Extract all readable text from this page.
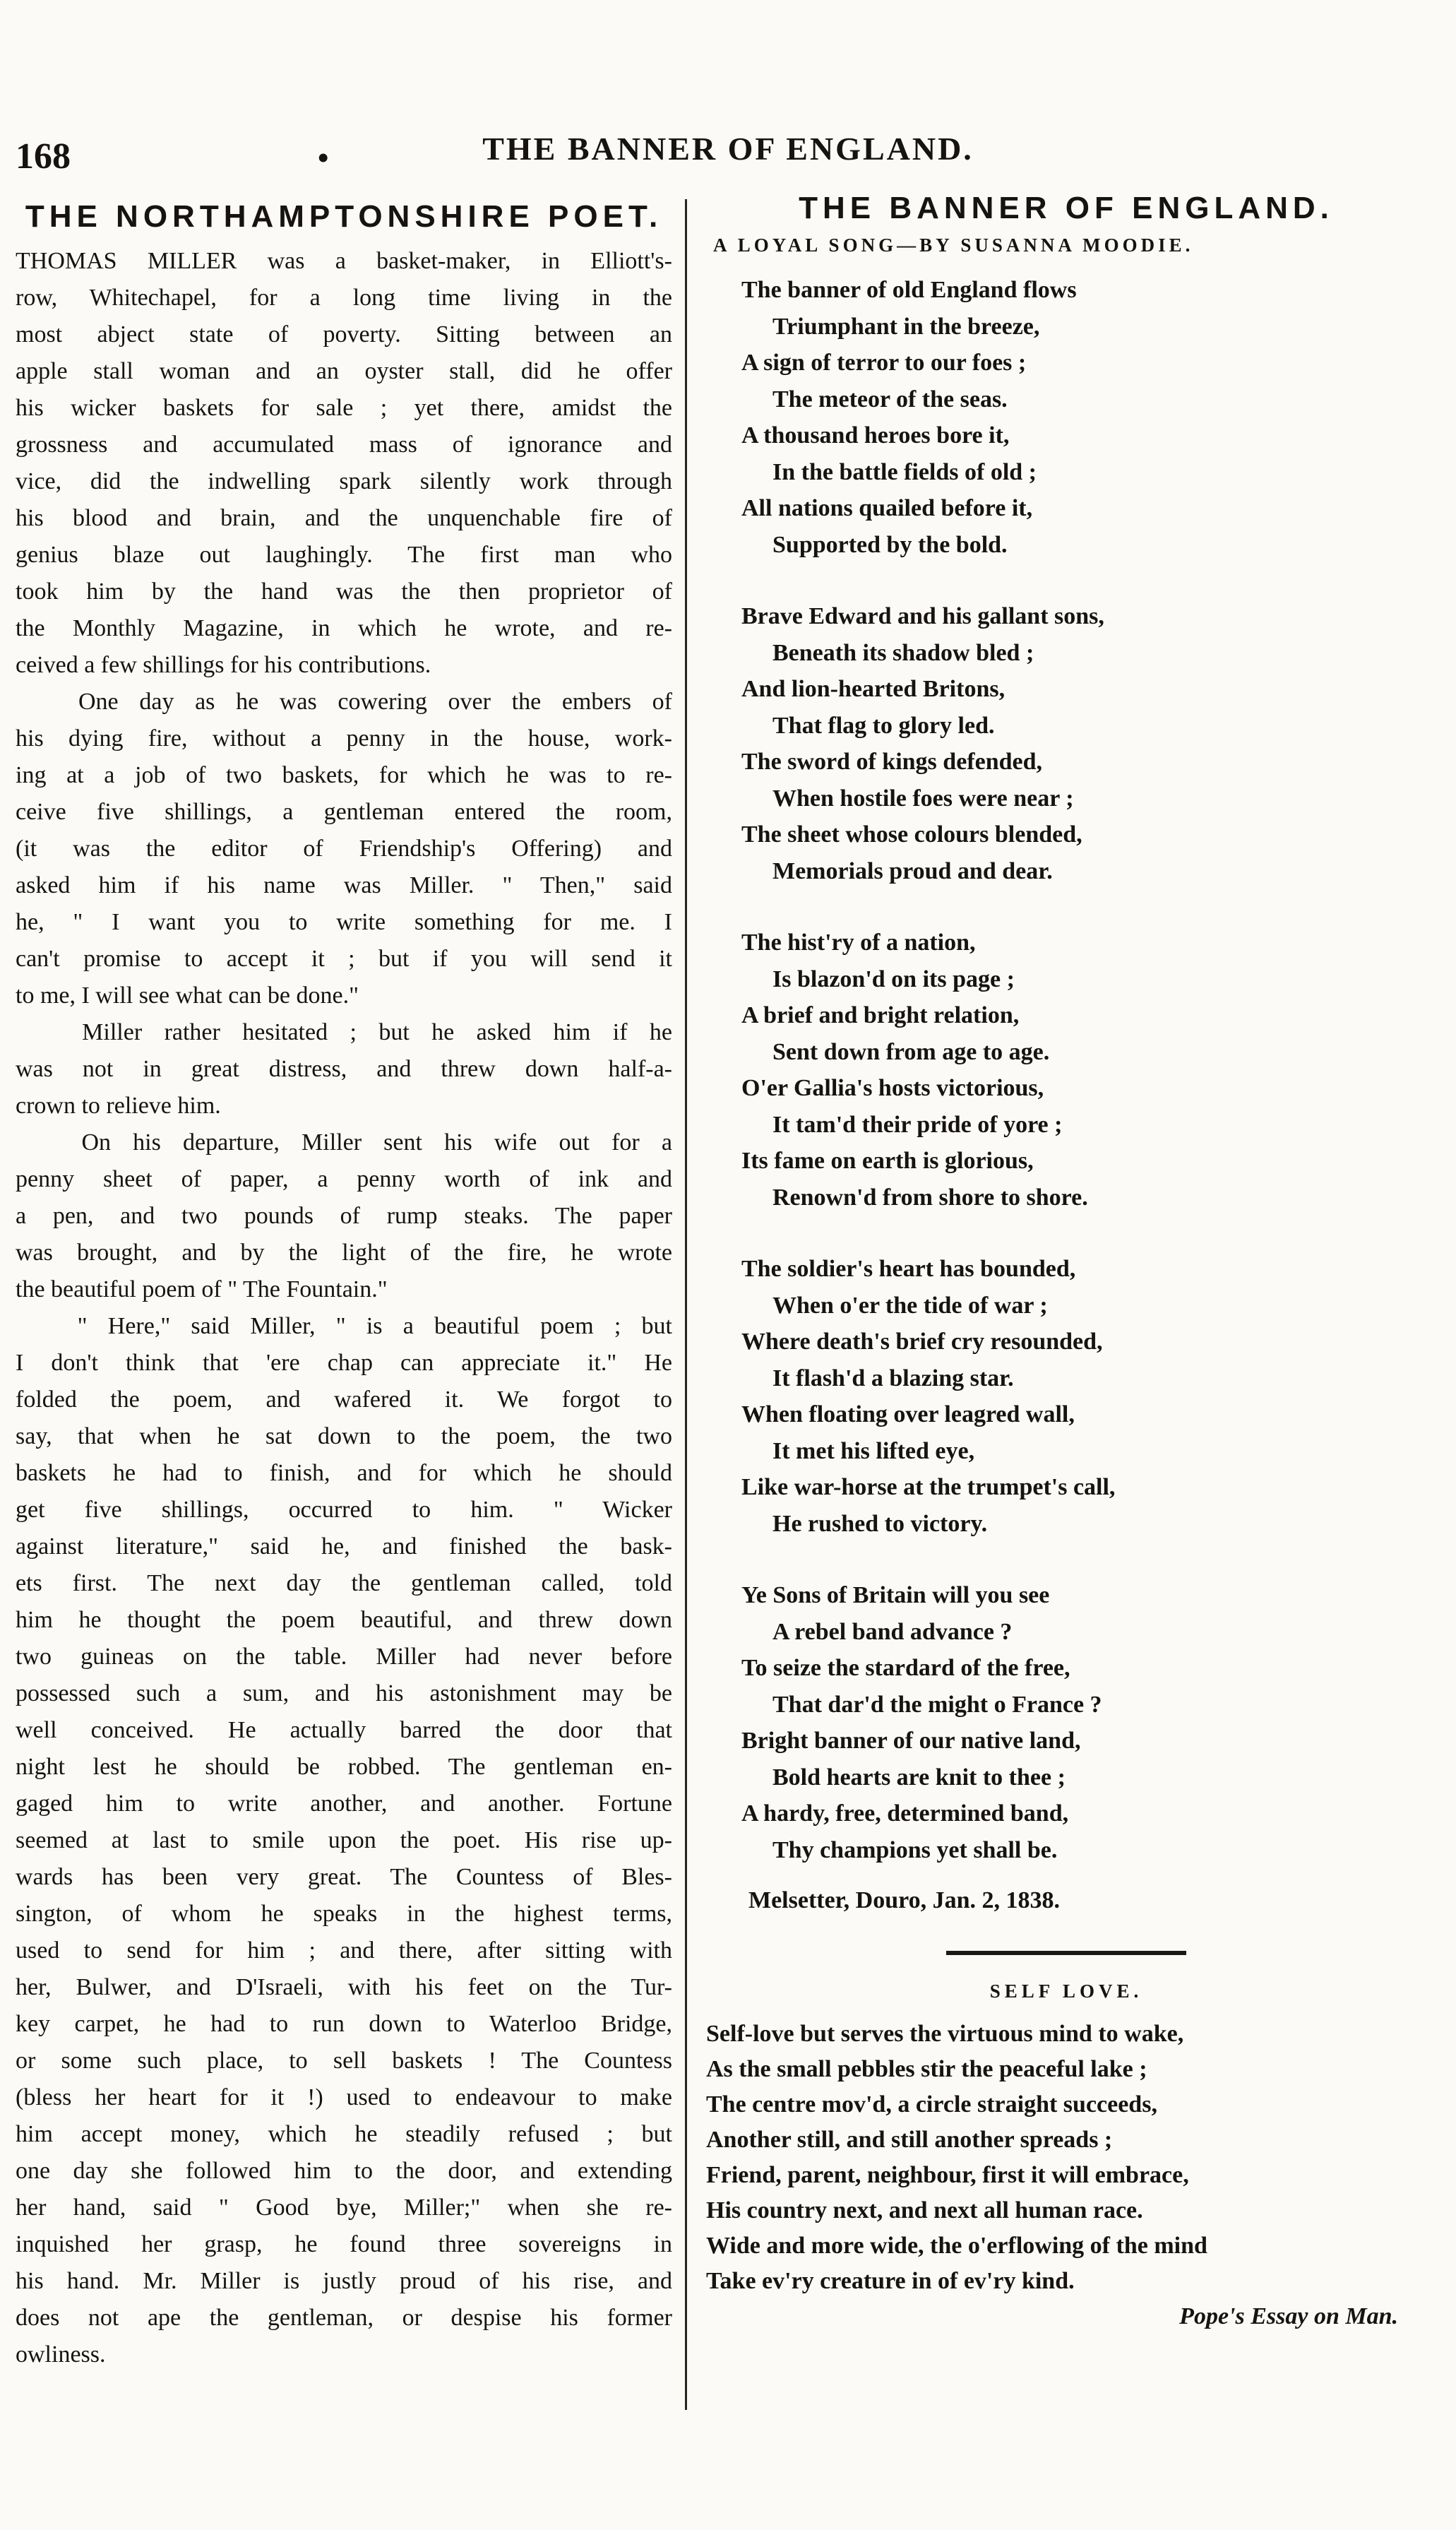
168	•	THE BANNER OF ENGLAND.
THE NORTHAMPTONSHIRE POET.
THOMAS MILLER was a basket-maker, in Elliott's-
row, Whitechapel, for a long time living in the
most abject state of poverty. Sitting between an
apple stall woman and an oyster stall, did he offer
his wicker baskets for sale ; yet there, amidst the
grossness and accumulated mass of ignorance and
vice, did the indwelling spark silently work through
his blood and brain, and the unquenchable fire of
genius blaze out laughingly. The first man who
took him by the hand was the then proprietor of
the Monthly Magazine, in which he wrote, and re-
ceived a few shillings for his contributions.
One day as he was cowering over the embers of
his dying fire, without a penny in the house, work-
ing at a job of two baskets, for which he was to re-
ceive five shillings, a gentleman entered the room,
(it was the editor of Friendship's Offering) and
asked him if his name was Miller. " Then," said
he, " I want you to write something for me. I
can't promise to accept it ; but if you will send it
to me, I will see what can be done."
Miller rather hesitated ; but he asked him if he
was not in great distress, and threw down half-a-
crown to relieve him.
On his departure, Miller sent his wife out for a
penny sheet of paper, a penny worth of ink and
a pen, and two pounds of rump steaks. The paper
was brought, and by the light of the fire, he wrote
the beautiful poem of " The Fountain."
" Here," said Miller, " is a beautiful poem ; but
I don't think that 'ere chap can appreciate it." He
folded the poem, and wafered it. We forgot to
say, that when he sat down to the poem, the two
baskets he had to finish, and for which he should
get five shillings, occurred to him. " Wicker
against literature," said he, and finished the bask-
ets first. The next day the gentleman called, told
him he thought the poem beautiful, and threw down
two guineas on the table. Miller had never before
possessed such a sum, and his astonishment may be
well conceived. He actually barred the door that
night lest he should be robbed. The gentleman en-
gaged him to write another, and another. Fortune
seemed at last to smile upon the poet. His rise up-
wards has been very great. The Countess of Bles-
sington, of whom he speaks in the highest terms,
used to send for him ; and there, after sitting with
her, Bulwer, and D'Israeli, with his feet on the Tur-
key carpet, he had to run down to Waterloo Bridge,
or some such place, to sell baskets ! The Countess
(bless her heart for it !) used to endeavour to make
him accept money, which he steadily refused ; but
one day she followed him to the door, and extending
her hand, said " Good bye, Miller;" when she re-
inquished her grasp, he found three sovereigns in
his hand. Mr. Miller is justly proud of his rise, and
does not ape the gentleman, or despise his former
owliness.
THE BANNER OF ENGLAND.
A LOYAL SONG—BY SUSANNA MOODIE.
The banner of old England flows
Triumphant in the breeze,
A sign of terror to our foes ;
The meteor of the seas.
A thousand heroes bore it,
In the battle fields of old ;
All nations quailed before it,
Supported by the bold.
Brave Edward and his gallant sons,
Beneath its shadow bled ;
And lion-hearted Britons,
That flag to glory led.
The sword of kings defended,
When hostile foes were near ;
The sheet whose colours blended,
Memorials proud and dear.
The hist'ry of a nation,
Is blazon'd on its page ;
A brief and bright relation,
Sent down from age to age.
O'er Gallia's hosts victorious,
It tam'd their pride of yore ;
Its fame on earth is glorious,
Renown'd from shore to shore.
The soldier's heart has bounded,
When o'er the tide of war ;
Where death's brief cry resounded,
It flash'd a blazing star.
When floating over leagred wall,
It met his lifted eye,
Like war-horse at the trumpet's call,
He rushed to victory.
Ye Sons of Britain will you see
A rebel band advance ?
To seize the stardard of the free,
That dar'd the might o France ?
Bright banner of our native land,
Bold hearts are knit to thee ;
A hardy, free, determined band,
Thy champions yet shall be.
Melsetter, Douro, Jan. 2, 1838.
SELF LOVE.
Self-love but serves the virtuous mind to wake,
As the small pebbles stir the peaceful lake ;
The centre mov'd, a circle straight succeeds,
Another still, and still another spreads ;
Friend, parent, neighbour, first it will embrace,
His country next, and next all human race.
Wide and more wide, the o'erflowing of the mind
Take ev'ry creature in of ev'ry kind.
Pope's Essay on Man.
